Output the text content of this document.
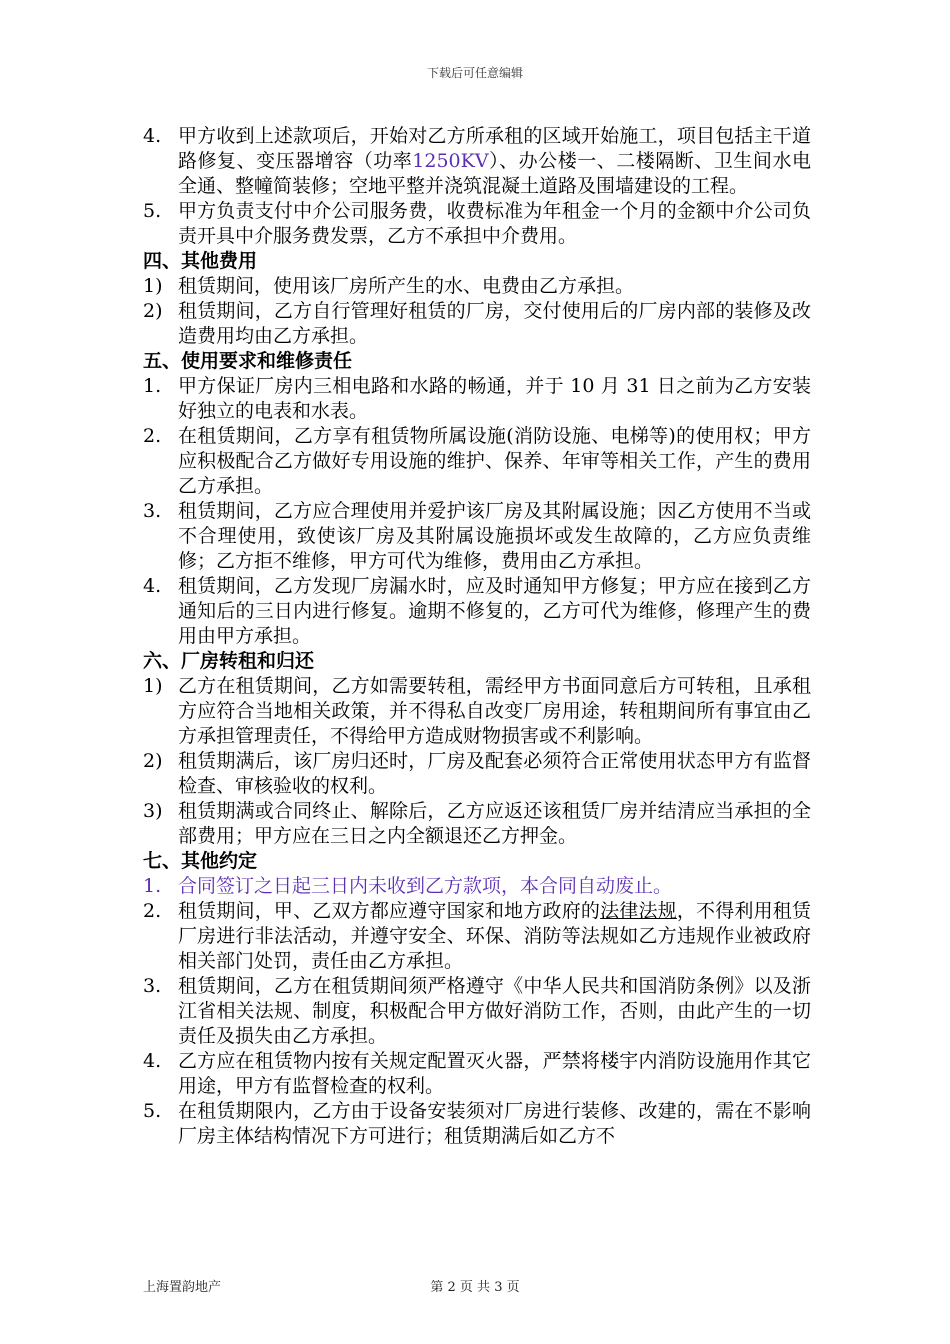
下载后可任意编辑
4. 甲方收到上述款项后，开始对乙方所承租的区域开始施工，项目包括主干道路修复、变压器增容（功率1250KV）、办公楼一、二楼隔断、卫生间水电全通、整幢简装修；空地平整并浇筑混凝土道路及围墙建设的工程。
5. 甲方负责支付中介公司服务费，收费标准为年租金一个月的金额中介公司负责开具中介服务费发票，乙方不承担中介费用。
四、其他费用
1) 租赁期间，使用该厂房所产生的水、电费由乙方承担。
2) 租赁期间，乙方自行管理好租赁的厂房，交付使用后的厂房内部的装修及改造费用均由乙方承担。
五、使用要求和维修责任
1. 甲方保证厂房内三相电路和水路的畅通，并于 10 月 31 日之前为乙方安装好独立的电表和水表。
2. 在租赁期间，乙方享有租赁物所属设施(消防设施、电梯等)的使用权；甲方应积极配合乙方做好专用设施的维护、保养、年审等相关工作，产生的费用乙方承担。
3. 租赁期间，乙方应合理使用并爱护该厂房及其附属设施；因乙方使用不当或不合理使用，致使该厂房及其附属设施损坏或发生故障的，乙方应负责维修；乙方拒不维修，甲方可代为维修，费用由乙方承担。
4. 租赁期间，乙方发现厂房漏水时，应及时通知甲方修复；甲方应在接到乙方通知后的三日内进行修复。逾期不修复的，乙方可代为维修，修理产生的费用由甲方承担。
六、厂房转租和归还
1) 乙方在租赁期间，乙方如需要转租，需经甲方书面同意后方可转租，且承租方应符合当地相关政策，并不得私自改变厂房用途，转租期间所有事宜由乙方承担管理责任，不得给甲方造成财物损害或不利影响。
2) 租赁期满后，该厂房归还时，厂房及配套必须符合正常使用状态甲方有监督检查、审核验收的权利。
3) 租赁期满或合同终止、解除后，乙方应返还该租赁厂房并结清应当承担的全部费用；甲方应在三日之内全额退还乙方押金。
七、其他约定
1. 合同签订之日起三日内未收到乙方款项，本合同自动废止。
2. 租赁期间，甲、乙双方都应遵守国家和地方政府的法律法规，不得利用租赁厂房进行非法活动，并遵守安全、环保、消防等法规如乙方违规作业被政府相关部门处罚，责任由乙方承担。
3. 租赁期间，乙方在租赁期间须严格遵守《中华人民共和国消防条例》以及浙江省相关法规、制度，积极配合甲方做好消防工作，否则，由此产生的一切责任及损失由乙方承担。
4. 乙方应在租赁物内按有关规定配置灭火器，严禁将楼宇内消防设施用作其它用途，甲方有监督检查的权利。
5. 在租赁期限内，乙方由于设备安装须对厂房进行装修、改建的，需在不影响厂房主体结构情况下方可进行；租赁期满后如乙方不
上海置韵地产	第 2 页 共 3 页
